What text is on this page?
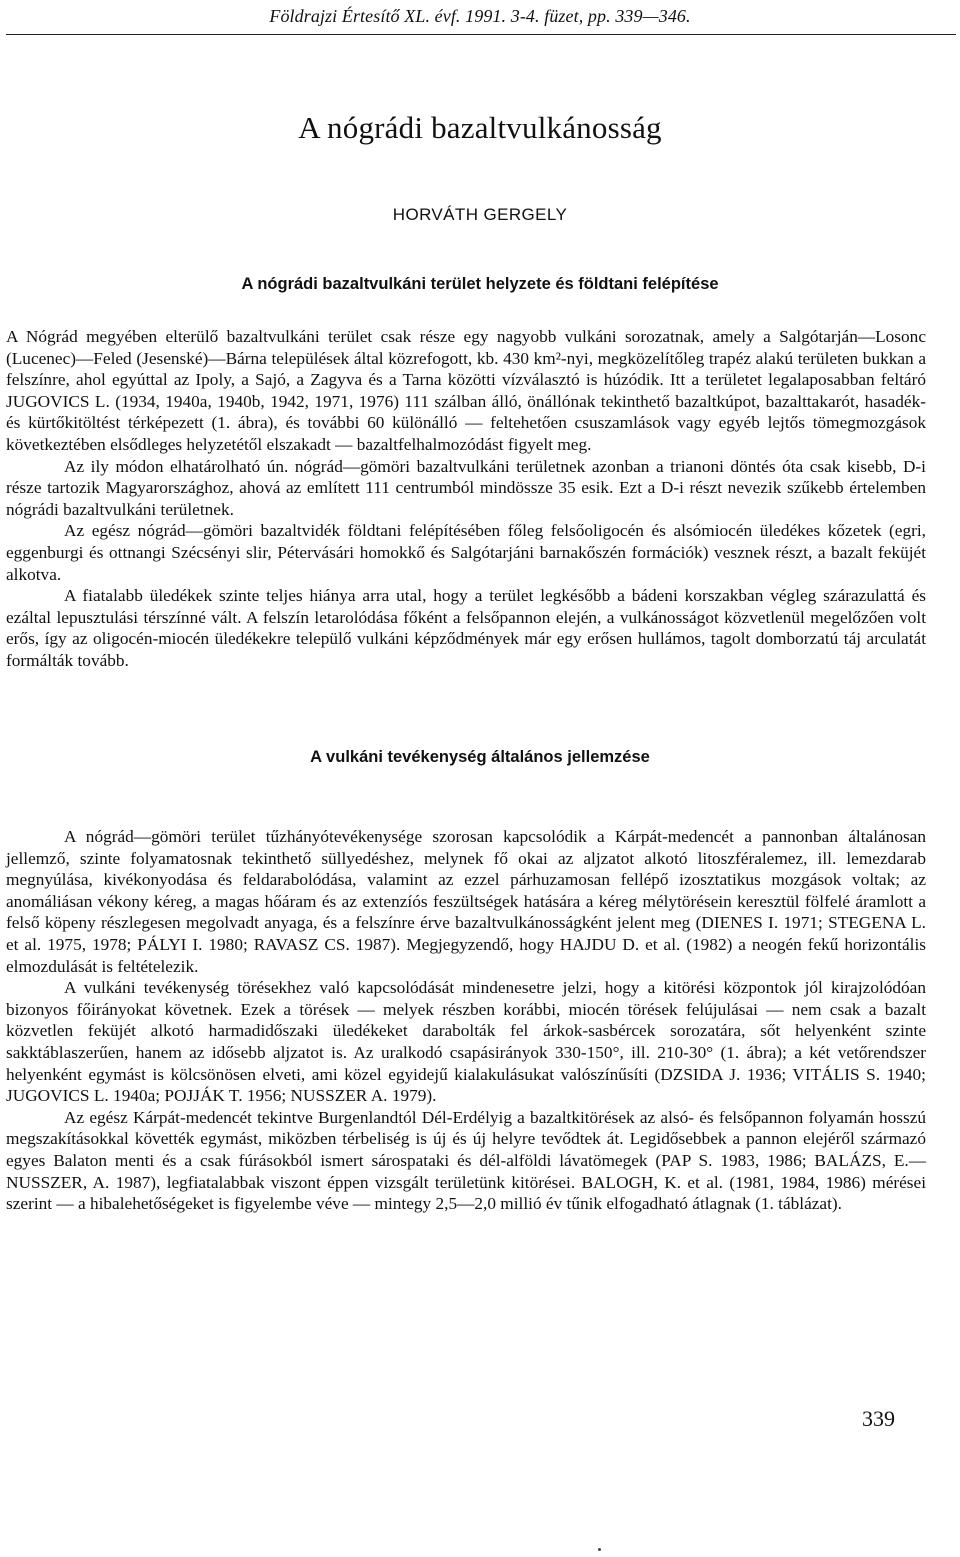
Földrajzi Értesítő XL. évf. 1991. 3-4. füzet, pp. 339—346.
A nógrádi bazaltvulkánosság
HORVÁTH GERGELY
A nógrádi bazaltvulkáni terület helyzete és földtani felépítése

A Nógrád megyében elterülő bazaltvulkáni terület csak része egy nagyobb vulkáni sorozatnak, amely a Salgótarján—Losonc (Lucenec)—Feled (Jesenské)—Bárna települések által közrefogott, kb. 430 km²-nyi, megközelítőleg trapéz alakú területen bukkan a felszínre, ahol egyúttal az Ipoly, a Sajó, a Zagyva és a Tarna közötti vízválasztó is húzódik. Itt a területet legalaposabban feltáró JUGOVICS L. (1934, 1940a, 1940b, 1942, 1971, 1976) 111 szálban álló, önállónak tekinthető bazaltkúpot, bazalttakarót, hasadék- és kürtőkitöltést térképezett (1. ábra), és további 60 különálló — feltehetően csuszamlások vagy egyéb lejtős tömegmozgások következtében elsődleges helyzetétől elszakadt — bazaltfelhalmozódást figyelt meg.

Az ily módon elhatárolható ún. nógrád—gömöri bazaltvulkáni területnek azonban a trianoni döntés óta csak kisebb, D-i része tartozik Magyarországhoz, ahová az említett 111 centrumból mindössze 35 esik. Ezt a D-i részt nevezik szűkebb értelemben nógrádi bazaltvulkáni területnek.

Az egész nógrád—gömöri bazaltvidék földtani felépítésében főleg felsőoligocén és alsómiocén üledékes kőzetek (egri, eggenburgi és ottnangi Szécsényi slir, Pétervásári homokkő és Salgótarjáni barnakőszén formációk) vesznek részt, a bazalt feküjét alkotva.

A fiatalabb üledékek szinte teljes hiánya arra utal, hogy a terület legkésőbb a bádeni korszakban végleg szárazulattá és ezáltal lepusztulási térszínné vált. A felszín letarolódása főként a felsőpannon elején, a vulkánosságot közvetlenül megelőzően volt erős, így az oligocén-miocén üledékekre települő vulkáni képződmények már egy erősen hullámos, tagolt domborzatú táj arculatát formálták tovább.

A vulkáni tevékenység általános jellemzése

A nógrád—gömöri terület tűzhányótevékenysége szorosan kapcsolódik a Kárpát-medencét a pannonban általánosan jellemző, szinte folyamatosnak tekinthető süllyedéshez, melynek fő okai az aljzatot alkotó litoszféralemez, ill. lemezdarab megnyúlása, kivékonyodása és feldarabolódása, valamint az ezzel párhuzamosan fellépő izosztatikus mozgások voltak; az anomáliásan vékony kéreg, a magas hőáram és az extenzíós feszültségek hatására a kéreg mélytörésein keresztül fölfelé áramlott a felső köpeny részlegesen megolvadt anyaga, és a felszínre érve bazaltvulkánosságként jelent meg (DIENES I. 1971; STEGENA L. et al. 1975, 1978; PÁLYI I. 1980; RAVASZ CS. 1987). Megjegyzendő, hogy HAJDU D. et al. (1982) a neogén fekű horizontális elmozdulását is feltételezik.

A vulkáni tevékenység törésekhez való kapcsolódását mindenesetre jelzi, hogy a kitörési központok jól kirajzolódóan bizonyos főirányokat követnek. Ezek a törések — melyek részben korábbi, miocén törések felújulásai — nem csak a bazalt közvetlen feküjét alkotó harmadidőszaki üledékeket darabolták fel árkok-sasbércek sorozatára, sőt helyenként szinte sakktáblaszerűen, hanem az idősebb aljzatot is. Az uralkodó csapásirányok 330-150°, ill. 210-30° (1. ábra); a két vetőrendszer helyenként egymást is kölcsönösen elveti, ami közel egyidejű kialakulásukat valószínűsíti (DZSIDA J. 1936; VITÁLIS S. 1940; JUGOVICS L. 1940a; POJJÁK T. 1956; NUSSZER A. 1979).

Az egész Kárpát-medencét tekintve Burgenlandtól Dél-Erdélyig a bazaltkitörések az alsó- és felsőpannon folyamán hosszú megszakításokkal követték egymást, miközben térbeliség is új és új helyre tevődtek át. Legidősebbek a pannon elejéről származó egyes Balaton menti és a csak fúrásokból ismert sárospataki és dél-alföldi lávatömegek (PAP S. 1983, 1986; BALÁZS, E.—NUSSZER, A. 1987), legfiatalabbak viszont éppen vizsgált területünk kitörései. BALOGH, K. et al. (1981, 1984, 1986) mérései szerint — a hibalehetőségeket is figyelembe véve — mintegy 2,5—2,0 millió év tűnik elfogadható átlagnak (1. táblázat).

339
